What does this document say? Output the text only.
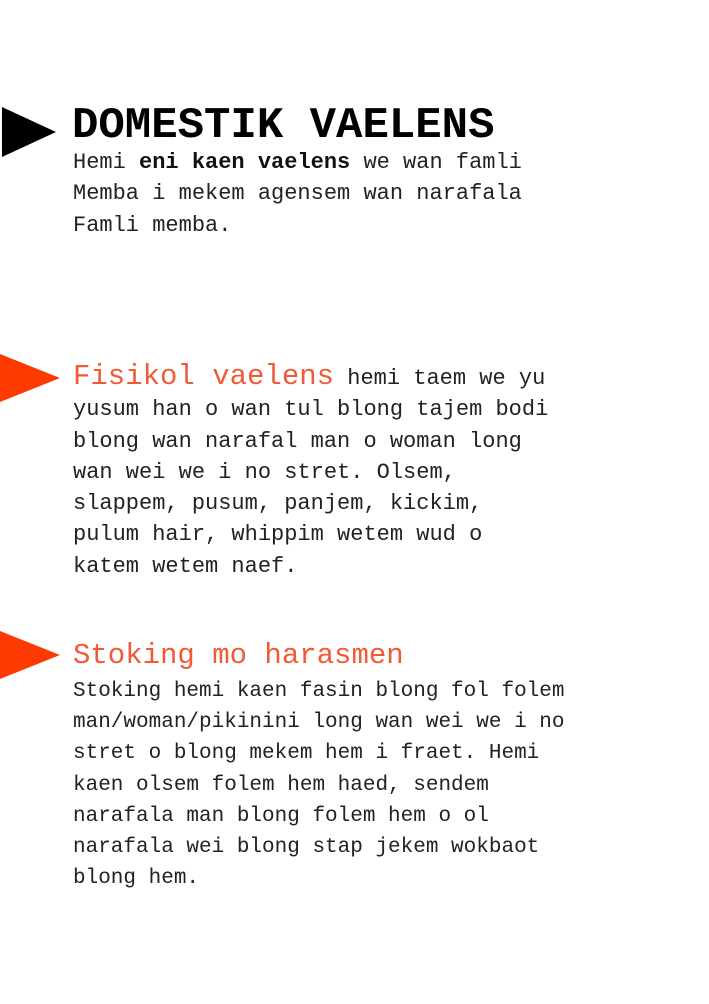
DOMESTIK VAELENS

Hemi eni kaen vaelens we wan famli
Memba i mekem agensem wan narafala
Famli memba.

Fisikol vaelens hemi taem we yu
yusum han o wan tul blong tajem bodi
blong wan narafal man o woman long
wan wei we i no stret. Olsem,
slappem, pusum, panjem, kickim,
pulum hair, whippim wetem wud o
katem wetem naef.

Stoking mo harasmen

Stoking hemi kaen fasin blong fol folem
man/woman/pikinini long wan wei we i no
stret o blong mekem hem i fraet. Hemi
kaen olsem folem hem haed, sendem
narafala man blong folem hem o ol
narafala wei blong stap jekem wokbaot
blong hem.
